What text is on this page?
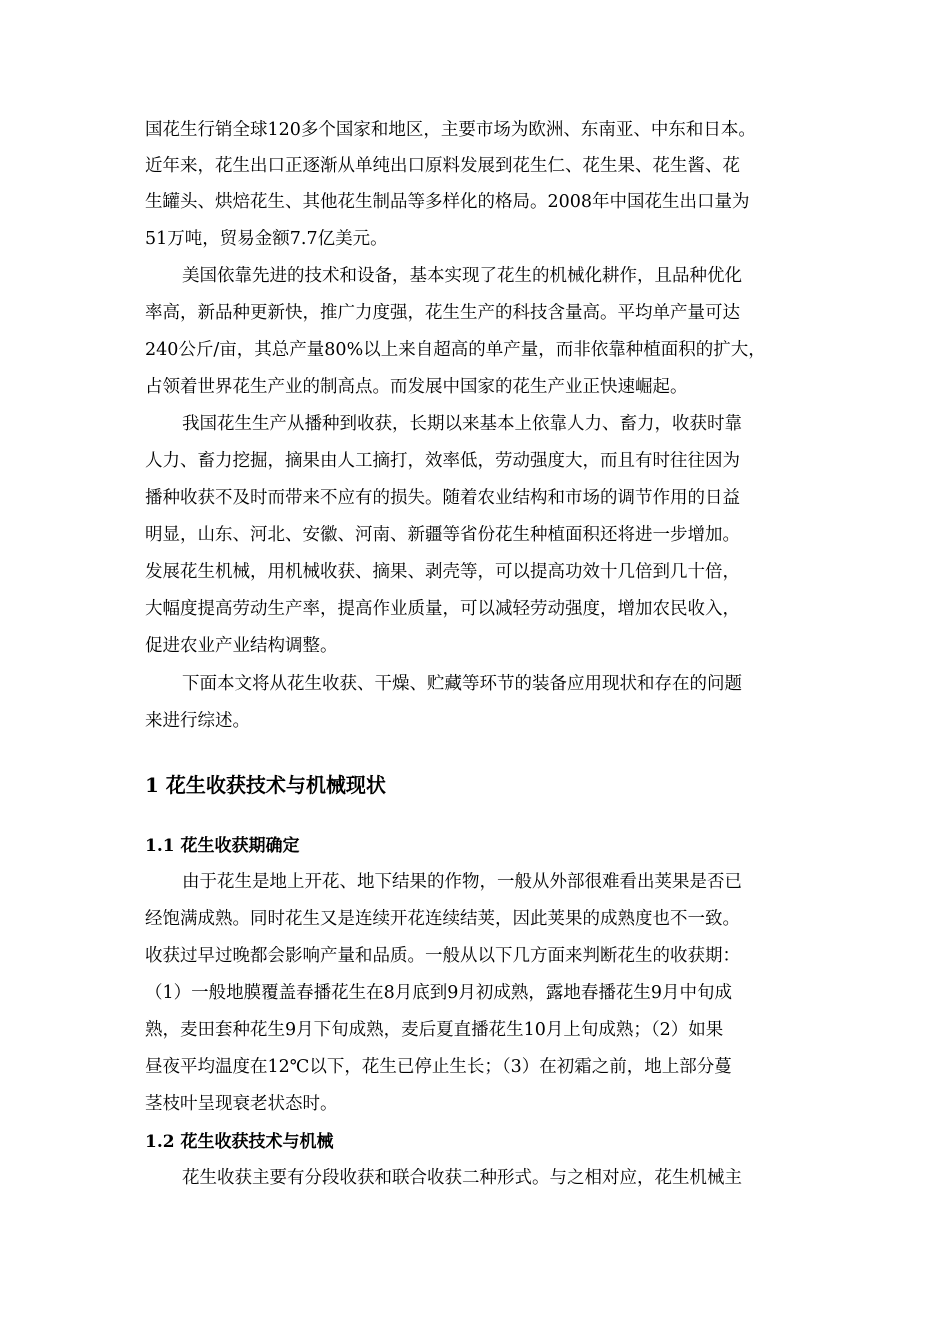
国花生行销全球120多个国家和地区，主要市场为欧洲、东南亚、中东和日本。
近年来，花生出口正逐渐从单纯出口原料发展到花生仁、花生果、花生酱、花
生罐头、烘焙花生、其他花生制品等多样化的格局。2008年中国花生出口量为
51万吨，贸易金额7.7亿美元。
美国依靠先进的技术和设备，基本实现了花生的机械化耕作，且品种优化
率高，新品种更新快，推广力度强，花生生产的科技含量高。平均单产量可达
240公斤/亩，其总产量80%以上来自超高的单产量，而非依靠种植面积的扩大，
占领着世界花生产业的制高点。而发展中国家的花生产业正快速崛起。
我国花生生产从播种到收获，长期以来基本上依靠人力、畜力，收获时靠
人力、畜力挖掘，摘果由人工摘打，效率低，劳动强度大，而且有时往往因为
播种收获不及时而带来不应有的损失。随着农业结构和市场的调节作用的日益
明显，山东、河北、安徽、河南、新疆等省份花生种植面积还将进一步增加。
发展花生机械，用机械收获、摘果、剥壳等，可以提高功效十几倍到几十倍，
大幅度提高劳动生产率，提高作业质量，可以减轻劳动强度，增加农民收入，
促进农业产业结构调整。
下面本文将从花生收获、干燥、贮藏等环节的装备应用现状和存在的问题
来进行综述。
1 花生收获技术与机械现状
1.1 花生收获期确定
由于花生是地上开花、地下结果的作物，一般从外部很难看出荚果是否已
经饱满成熟。同时花生又是连续开花连续结荚，因此荚果的成熟度也不一致。
收获过早过晚都会影响产量和品质。一般从以下几方面来判断花生的收获期：
（1）一般地膜覆盖春播花生在8月底到9月初成熟，露地春播花生9月中旬成
熟，麦田套种花生9月下旬成熟，麦后夏直播花生10月上旬成熟；（2）如果
昼夜平均温度在12℃以下，花生已停止生长；（3）在初霜之前，地上部分蔓
茎枝叶呈现衰老状态时。
1.2 花生收获技术与机械
花生收获主要有分段收获和联合收获二种形式。与之相对应，花生机械主
